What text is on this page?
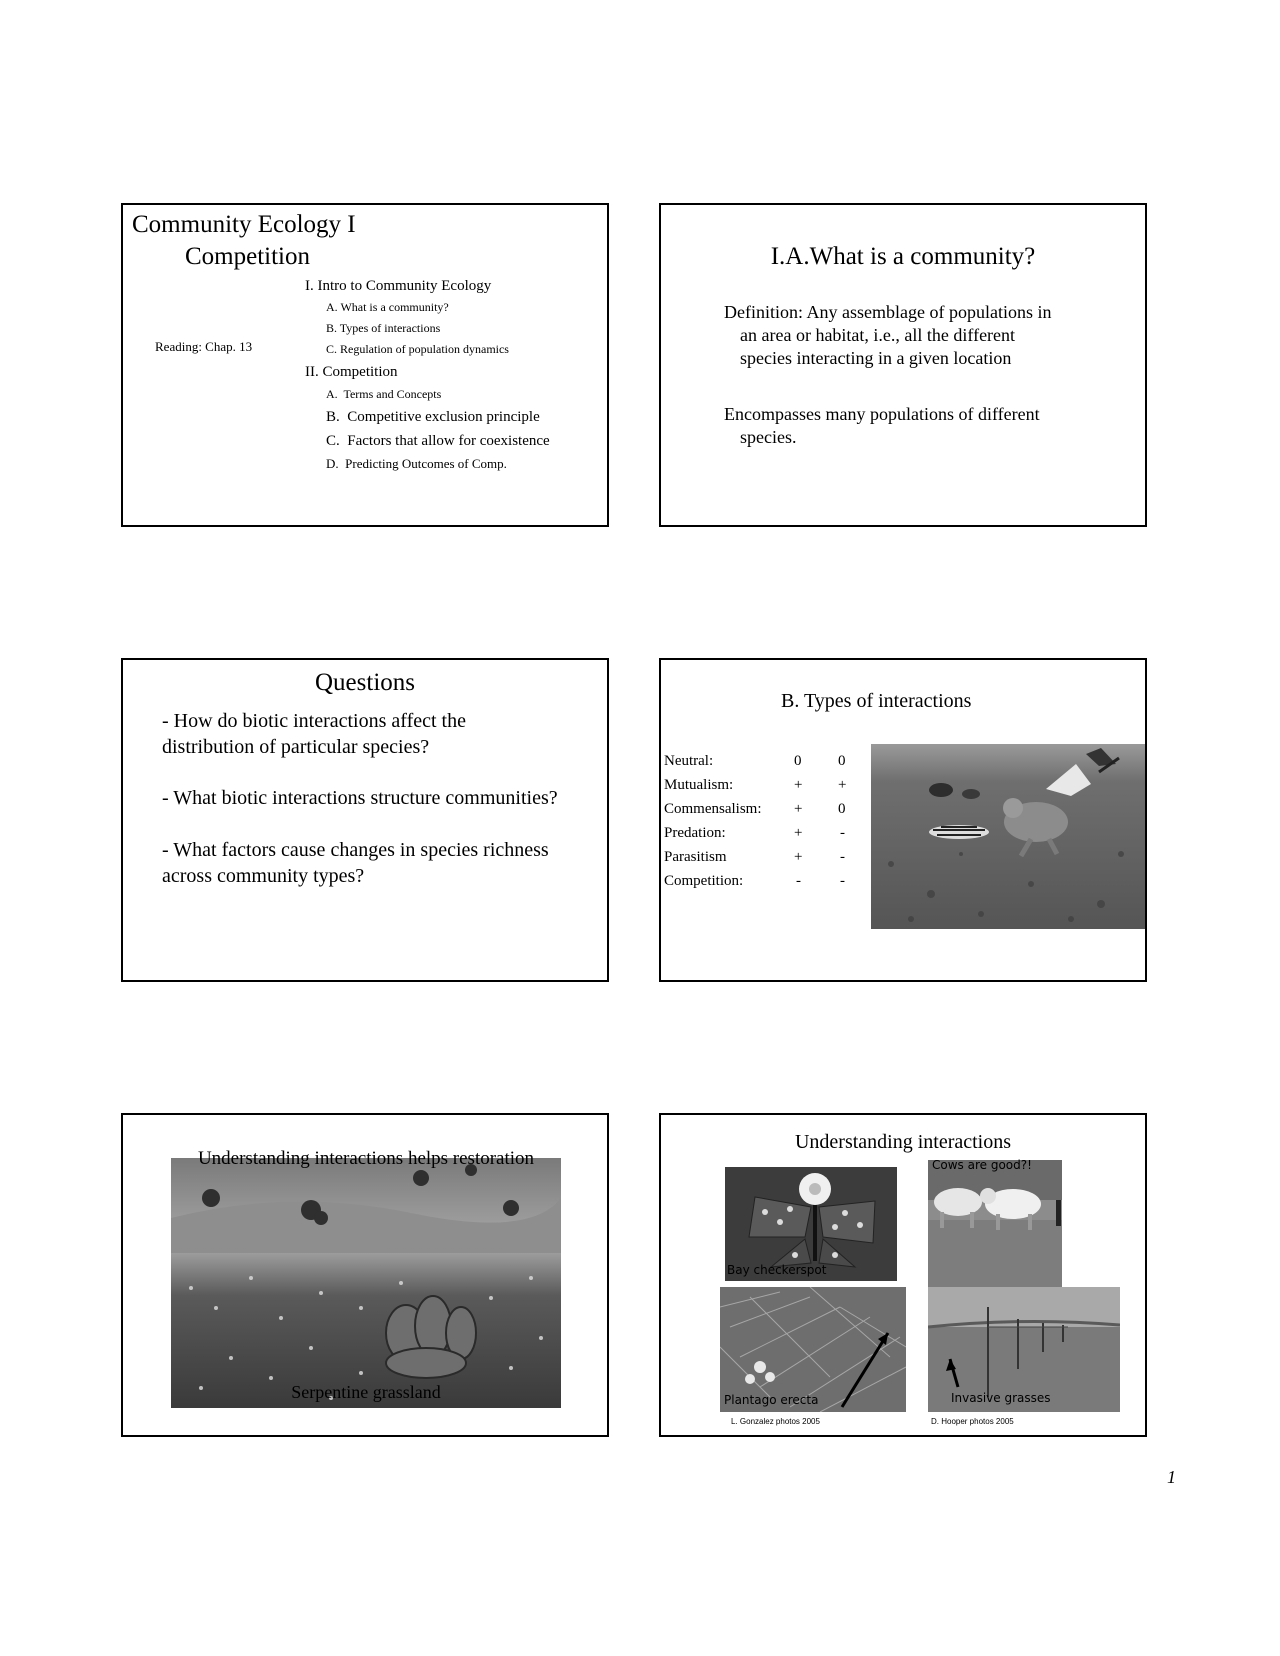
Community Ecology I
Competition
Reading: Chap. 13
I. Intro to Community Ecology
A. What is a community?
B. Types of interactions
C. Regulation of population dynamics
II. Competition
A. Terms and Concepts
B. Competitive exclusion principle
C. Factors that allow for coexistence
D. Predicting Outcomes of Comp.
I.A.What is a community?
Definition: Any assemblage of populations in
an area or habitat, i.e., all the different
species interacting in a given location
Encompasses many populations of different
species.
Questions
- How do biotic interactions affect the
distribution of particular species?
- What biotic interactions structure communities?
- What factors cause changes in species richness
across community types?
B. Types of interactions
Neutral:	0 0
Mutualism:	+ +
Commensalism: + 0
Predation:	+	-
Parasitism	+	-
Competition:	-	-
Understanding interactions helps restoration
Serpentine grassland
Understanding interactions
Bay checkerspot
Cows are good?!
Plantago erecta	Invasive grasses
L. Gonzalez photos 2005	D. Hooper photos 2005
1
